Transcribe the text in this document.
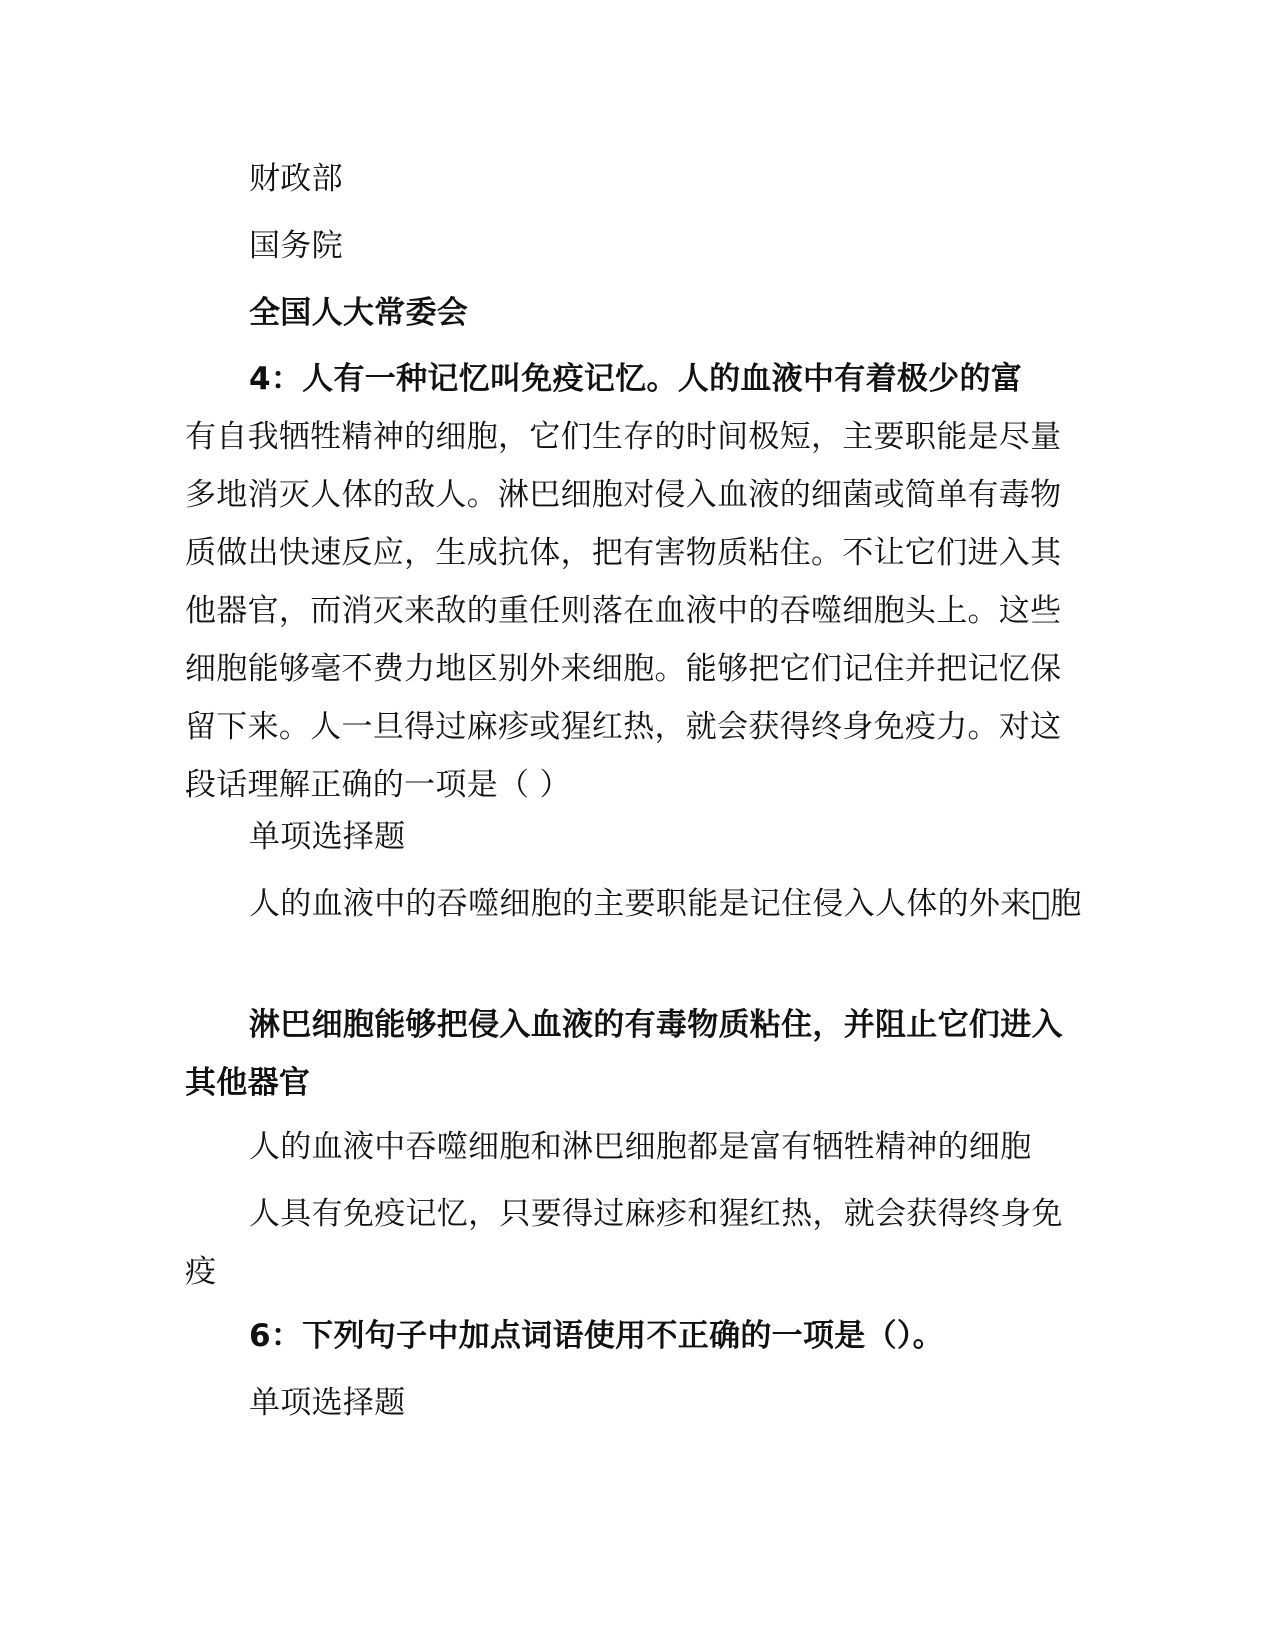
财政部

国务院

全国人大常委会

4：人有一种记忆叫免疫记忆。人的血液中有着极少的富

有自我牺牲精神的细胞，它们生存的时间极短，主要职能是尽量多地消灭人体的敌人。淋巴细胞对侵入血液的细菌或简单有毒物质做出快速反应，生成抗体，把有害物质粘住。不让它们进入其他器官，而消灭来敌的重任则落在血液中的吞噬细胞头上。这些细胞能够毫不费力地区别外来细胞。能够把它们记住并把记忆保留下来。人一旦得过麻疹或猩红热，就会获得终身免疫力。对这段话理解正确的一项是（ ）

单项选择题

人的血液中的吞噬细胞的主要职能是记住侵入人体的外来 胞

淋巴细胞能够把侵入血液的有毒物质粘住，并阻止它们进入其他器官

人的血液中吞噬细胞和淋巴细胞都是富有牺牲精神的细胞

人具有免疫记忆，只要得过麻疹和猩红热，就会获得终身免疫

6：下列句子中加点词语使用不正确的一项是（）。

单项选择题
